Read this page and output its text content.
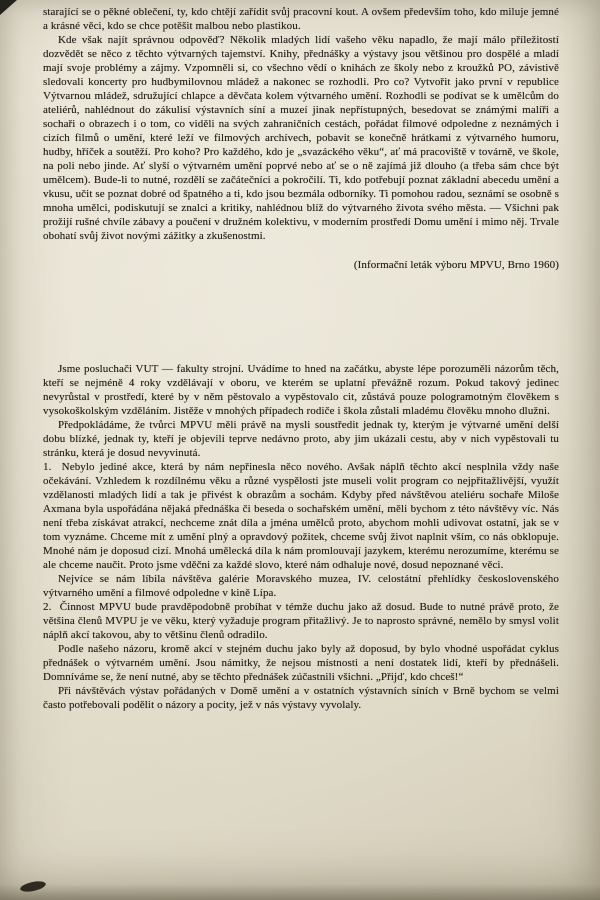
starající se o pěkné oblečení, ty, kdo chtějí zařídit svůj pracovní kout. A ovšem především toho, kdo miluje jemné a krásné věci, kdo se chce potěšit malbou nebo plastikou.

Kde však najít správnou odpověď? Několik mladých lidí vašeho věku napadlo, že mají málo příležitostí dozvědět se něco z těchto výtvarných tajemství. Knihy, přednášky a výstavy jsou většinou pro dospělé a mladí mají svoje problémy a zájmy. Vzpomněli si, co všechno vědí o knihách ze školy nebo z kroužků PO, závistivě sledovali koncerty pro hudbymilovnou mládež a nakonec se rozhodli. Pro co? Vytvořit jako první v republice Výtvarnou mládež, sdružující chlapce a děvčata kolem výtvarného umění. Rozhodli se podívat se k umělcům do ateliérů, nahlédnout do zákulisí výstavních síní a muzeí jinak nepřístupných, besedovat se známými malíři a sochaři o obrazech i o tom, co viděli na svých zahraničních cestách, pořádat filmové odpoledne z neznámých i cizích filmů o umění, které leží ve filmových archívech, pobavit se konečně hrátkami z výtvarného humoru, hudby, hříček a soutěží. Pro koho? Pro každého, kdo je „svazáckého věku“, ať má pracoviště v továrně, ve škole, na poli nebo jinde. Ať slyší o výtvarném umění poprvé nebo ať se o ně zajímá již dlouho (a třeba sám chce být umělcem). Bude-li to nutné, rozdělí se začátečníci a pokročilí. Ti, kdo potřebují poznat základní abecedu umění a vkusu, učit se poznat dobré od špatného a ti, kdo jsou bezmála odborníky. Ti pomohou radou, seznámí se osobně s mnoha umělci, podiskutují se znalci a kritiky, nahlédnou blíž do výtvarného života svého města. — Všichni pak prožijí rušné chvíle zábavy a poučení v družném kolektivu, v moderním prostředí Domu umění i mimo něj. Trvale obohatí svůj život novými zážitky a zkušenostmi.

(Informační leták výboru MPVU, Brno 1960)

Jsme posluchači VUT — fakulty strojní. Uvádíme to hned na začátku, abyste lépe porozuměli názorům těch, kteří se nejméně 4 roky vzdělávají v oboru, ve kterém se uplatní převážně rozum. Pokud takový jedinec nevyrůstal v prostředí, které by v něm pěstovalo a vypěstovalo cit, zůstává pouze pologramotným člověkem s vysokoškolským vzděláním. Jistěže v mnohých případech rodiče i škola zůstali mladému člověku mnoho dlužni.

Předpokládáme, že tvůrci MPVU měli právě na mysli soustředit jednak ty, kterým je výtvarné umění delší dobu blízké, jednak ty, kteří je objevili teprve nedávno proto, aby jim ukázali cestu, aby v nich vypěstovali tu stránku, která je dosud nevyvinutá.

1.  Nebylo jediné akce, která by nám nepřinesla něco nového. Avšak náplň těchto akcí nesplnila vždy naše očekávání. Vzhledem k rozdílnému věku a různé vyspělosti jste museli volit program co nejpřitažlivější, využít vzdělanosti mladých lidí a tak je přivést k obrazům a sochám. Kdyby před návštěvou ateliéru sochaře Miloše Axmana byla uspořádána nějaká přednáška či beseda o sochařském umění, měli bychom z této návštěvy víc. Nás není třeba získávat atrakcí, nechceme znát díla a jména umělců proto, abychom mohli udivovat ostatní, jak se v tom vyznáme. Chceme mít z umění plný a opravdový požitek, chceme svůj život naplnit vším, co nás obklopuje. Mnohé nám je doposud cizí. Mnohá umělecká díla k nám promlouvají jazykem, kterému nerozumíme, kterému se ale chceme naučit. Proto jsme vděčni za každé slovo, které nám odhaluje nové, dosud nepoznané věci.

Nejvíce se nám líbila návštěva galérie Moravského muzea, IV. celostátní přehlídky československého výtvarného umění a filmové odpoledne v kině Lípa.

2.  Činnost MPVU bude pravděpodobně probíhat v témže duchu jako až dosud. Bude to nutné právě proto, že většina členů MVPU je ve věku, který vyžaduje program přitažlivý. Je to naprosto správné, nemělo by smysl volit náplň akcí takovou, aby to většinu členů odradilo.

Podle našeho názoru, kromě akcí v stejném duchu jako byly až doposud, by bylo vhodné uspořádat cyklus přednášek o výtvarném umění. Jsou námitky, že nejsou místnosti a není dostatek lidí, kteří by přednášeli. Domníváme se, že není nutné, aby se těchto přednášek zúčastnili všichni. „Přijď, kdo chceš!“

Při návštěvách výstav pořádaných v Domě umění a v ostatních výstavních síních v Brně bychom se velmi často potřebovali podělit o názory a pocity, jež v nás výstavy vyvolaly.
